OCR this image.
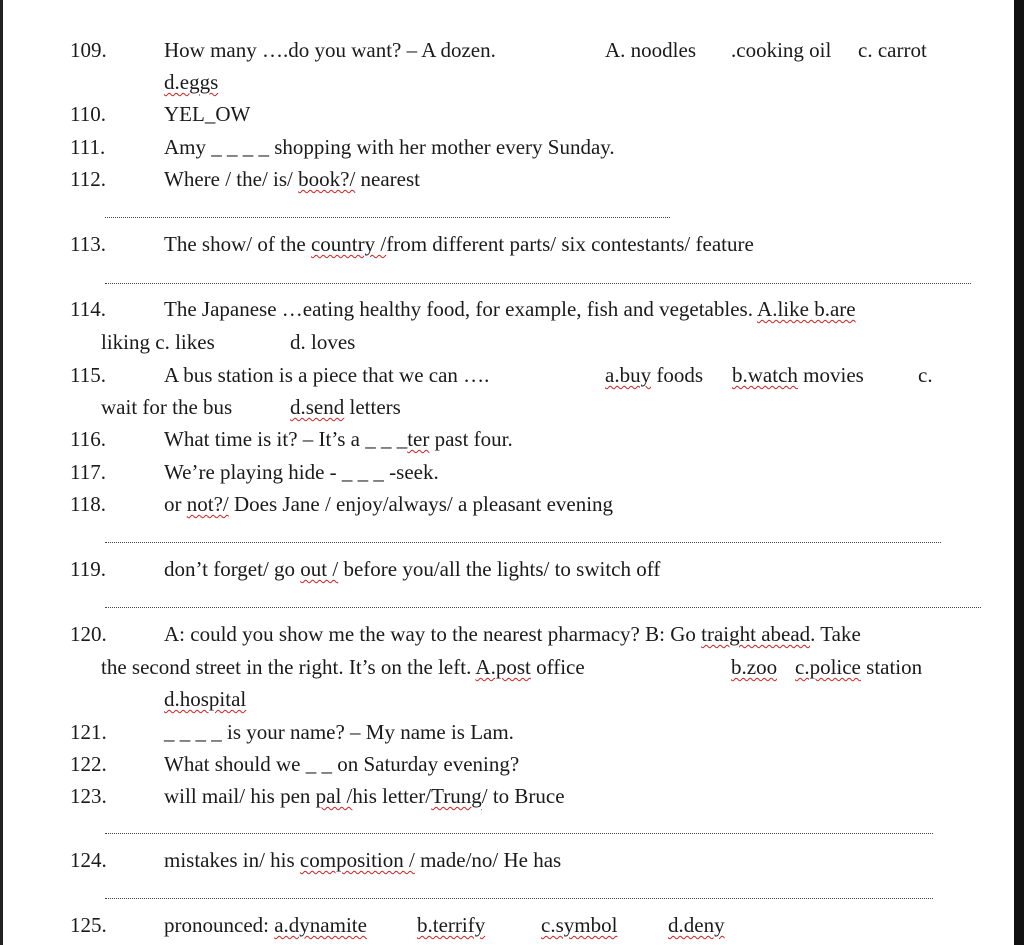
109.	How many ….do you want? – A dozen.	A. noodles .cooking oil c. carrot
d.eggs
110.	YEL_OW
111.	Amy _ _ _ _ shopping with her mother every Sunday.
112.	Where / the/ is/ book?/ nearest
113.	The show/ of the country /from different parts/ six contestants/ feature
114.	The Japanese …eating healthy food, for example, fish and vegetables. A.like b.are
liking c. likes	d. loves
115.	A bus station is a piece that we can ….	a.buy foods b.watch movies	c.
wait for the bus	d.send letters
116.	What time is it? – It’s a _ _ _ter past four.
117.	We’re playing hide - _ _ _ -seek.
118.	or not?/ Does Jane / enjoy/always/ a pleasant evening
119.	don’t forget/ go out / before you/all the lights/ to switch off
120.	A: could you show me the way to the nearest pharmacy? B: Go traight abead. Take
the second street in the right. It’s on the left. A.post office	b.zoo c.police station
d.hospital
121.	_ _ _ _ is your name? – My name is Lam.
122.	What should we _ _ on Saturday evening?
123.	will mail/ his pen pal /his letter/Trung/ to Bruce
124.	mistakes in/ his composition / made/no/ He has
125.	pronounced: a.dynamite b.terrify	c.symbol d.deny
